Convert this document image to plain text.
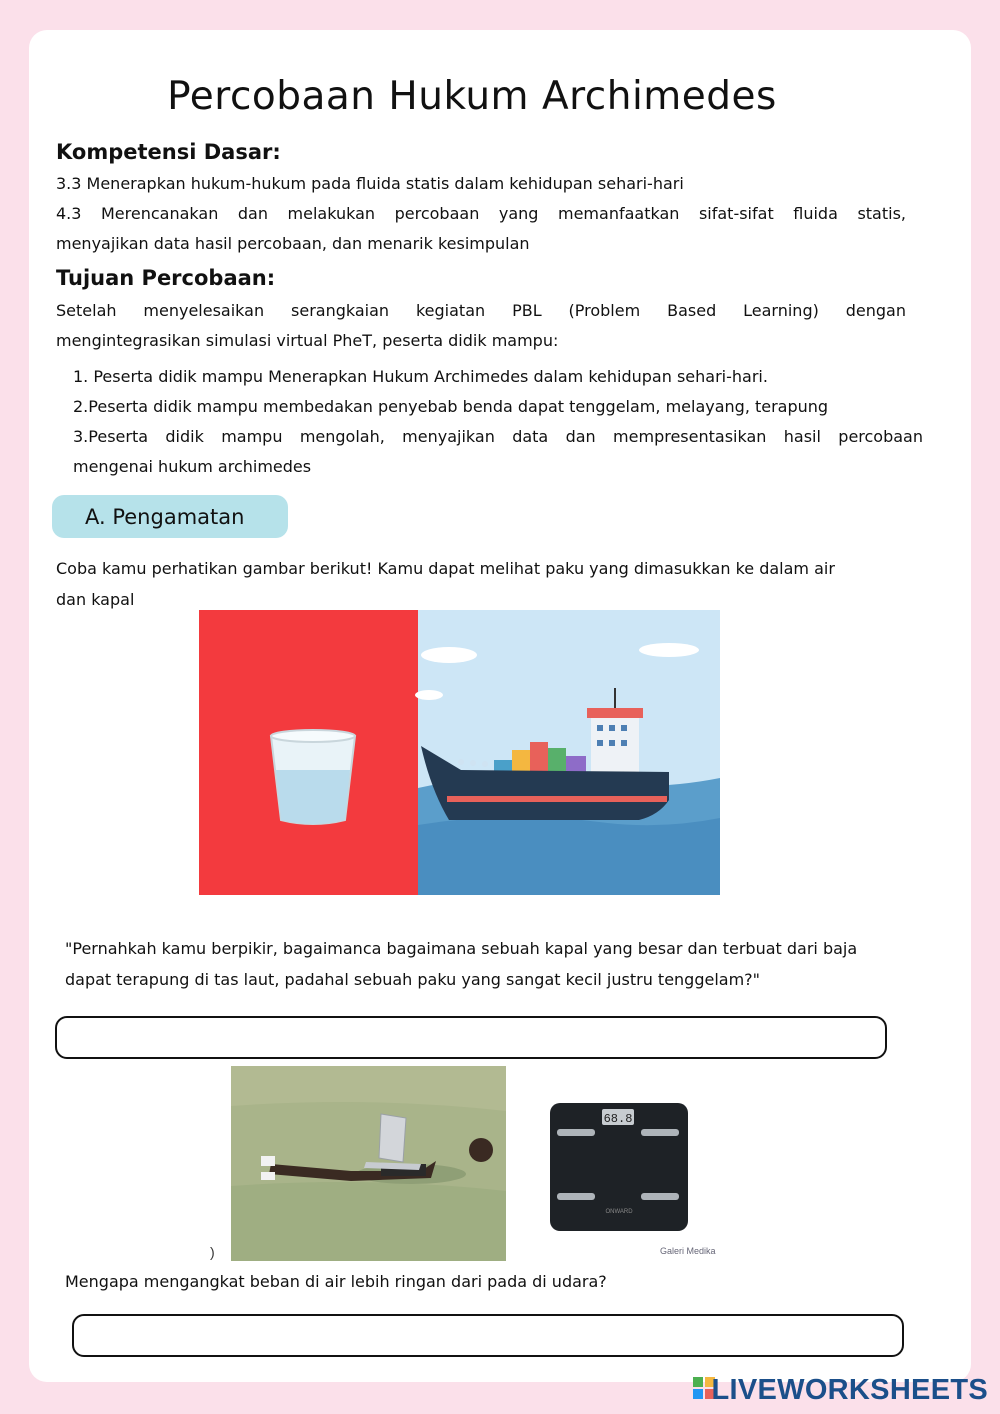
Percobaan Hukum Archimedes
Kompetensi Dasar:
3.3 Menerapkan hukum-hukum pada fluida statis dalam kehidupan sehari-hari
4.3 Merencanakan dan melakukan percobaan yang memanfaatkan sifat-sifat fluida statis,
menyajikan data hasil percobaan, dan menarik kesimpulan
Tujuan Percobaan:
Setelah menyelesaikan serangkaian kegiatan PBL (Problem Based Learning) dengan
mengintegrasikan simulasi virtual PheT, peserta didik mampu:
1. Peserta didik mampu Menerapkan Hukum Archimedes dalam kehidupan sehari-hari.
2.Peserta didik mampu membedakan penyebab benda dapat tenggelam, melayang, terapung
3.Peserta didik mampu mengolah, menyajikan data dan mempresentasikan hasil percobaan
mengenai hukum archimedes
A. Pengamatan
Coba kamu perhatikan gambar berikut! Kamu dapat melihat paku yang dimasukkan ke dalam air
dan kapal
"Pernahkah kamu berpikir, bagaimanca bagaimana sebuah kapal yang besar dan terbuat dari baja
dapat terapung di tas laut, padahal sebuah paku yang sangat kecil justru tenggelam?"
)
68.8
ONWARD
Galeri Medika
Mengapa mengangkat beban di air lebih ringan dari pada di udara?
LIVEWORKSHEETS
